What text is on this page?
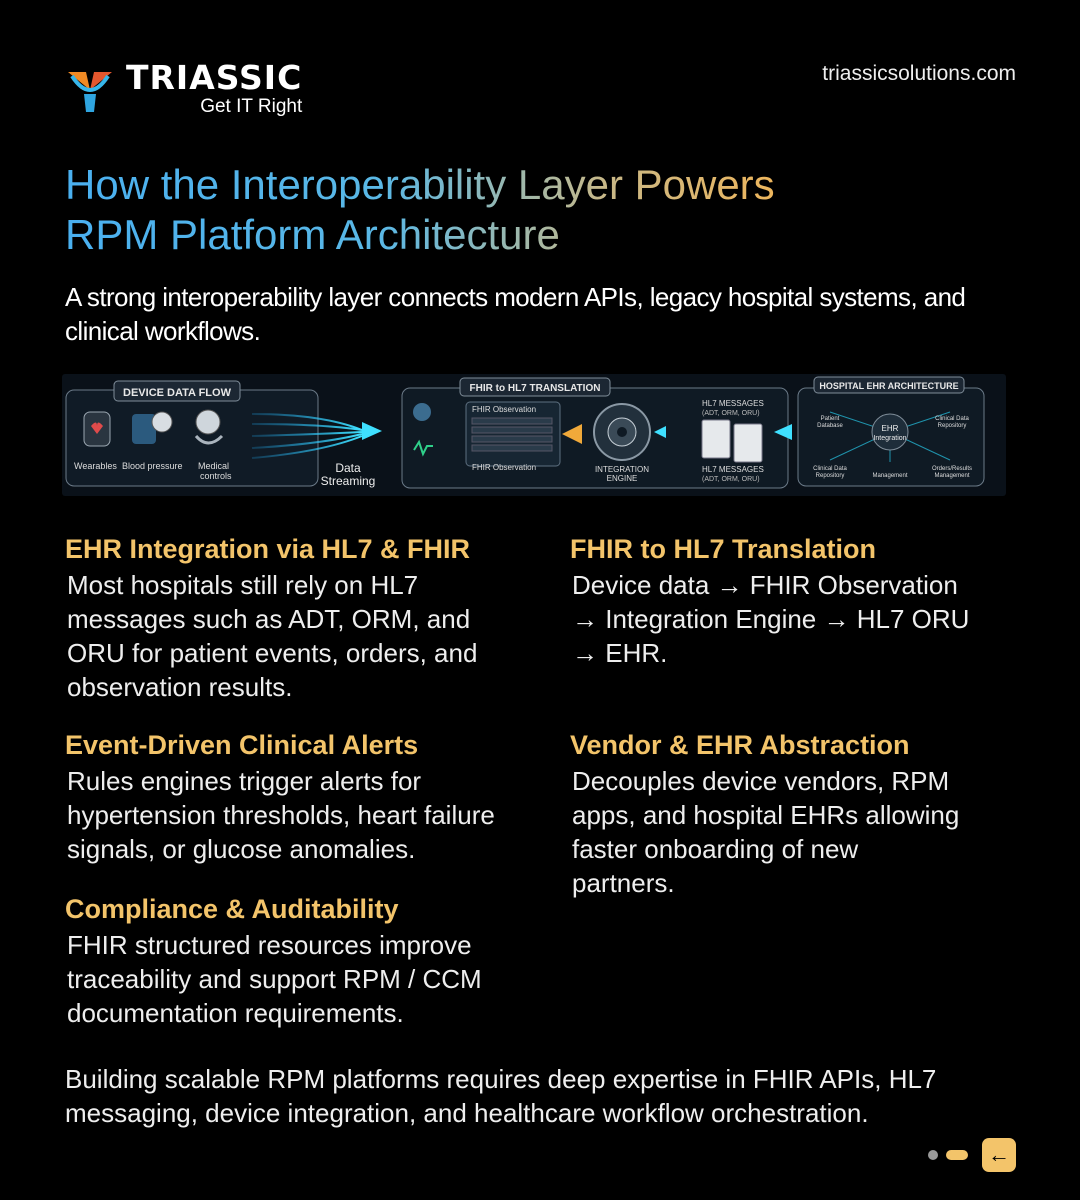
TRIASSIC
Get IT Right
triassicsolutions.com
How the Interoperability Layer Powers
RPM Platform Architecture
A strong interoperability layer connects modern APIs, legacy hospital systems, and clinical workflows.
DEVICE DATA FLOW
Wearables Blood pressure Medical
controls
Data
Streaming
FHIR to HL7 TRANSLATION
FHIR Observation
FHIR Observation	INTEGRATION
ENGINE
HL7 MESSAGES
(ADT, ORM, ORU)
HL7 MESSAGES
(ADT, ORM, ORU)
HOSPITAL EHR ARCHITECTURE
EHR
Integration
Patient
Database
Clinical Data
Repository
Clinical Data
Repository	Management
Orders/Results
Management
EHR Integration via HL7 & FHIR

Most hospitals still rely on HL7
messages such as ADT, ORM, and
ORU for patient events, orders, and
observation results.

FHIR to HL7 Translation

Device data → FHIR Observation
→ Integration Engine → HL7 ORU
→ EHR.

Event-Driven Clinical Alerts

Rules engines trigger alerts for
hypertension thresholds, heart failure
signals, or glucose anomalies.

Vendor & EHR Abstraction

Decouples device vendors, RPM
apps, and hospital EHRs allowing
faster onboarding of new
partners.

Compliance & Auditability

FHIR structured resources improve
traceability and support RPM / CCM
documentation requirements.

Building scalable RPM platforms requires deep expertise in FHIR APIs, HL7 messaging, device integration, and healthcare workflow orchestration.
←
